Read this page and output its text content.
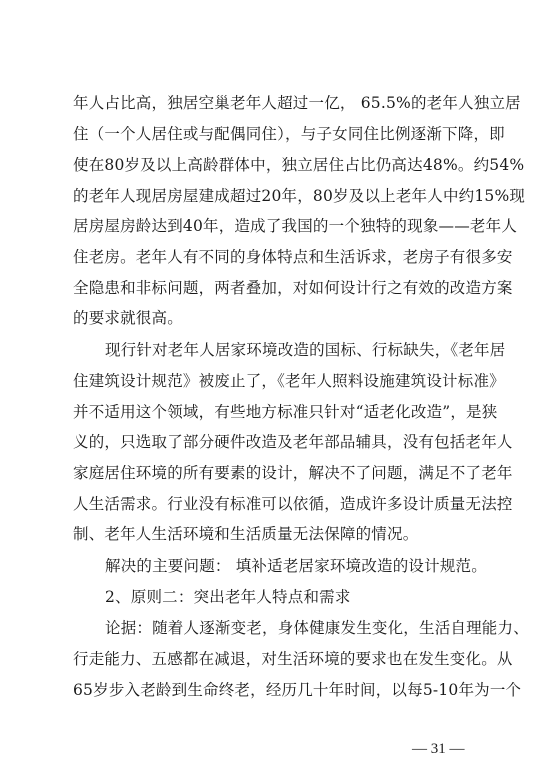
年人占比高，独居空巢老年人超过一亿， 65.5%的老年人独立居
住（一个人居住或与配偶同住），与子女同住比例逐渐下降，即
使在80岁及以上高龄群体中，独立居住占比仍高达48%。约54%
的老年人现居房屋建成超过20年，80岁及以上老年人中约15%现
居房屋房龄达到40年，造成了我国的一个独特的现象——老年人
住老房。老年人有不同的身体特点和生活诉求，老房子有很多安
全隐患和非标问题，两者叠加，对如何设计行之有效的改造方案
的要求就很高。
现行针对老年人居家环境改造的国标、行标缺失，《老年居
住建筑设计规范》被废止了，《老年人照料设施建筑设计标准》
并不适用这个领域，有些地方标准只针对“适老化改造”，是狭
义的，只选取了部分硬件改造及老年部品辅具，没有包括老年人
家庭居住环境的所有要素的设计，解决不了问题，满足不了老年
人生活需求。行业没有标准可以依循，造成许多设计质量无法控
制、老年人生活环境和生活质量无法保障的情况。
解决的主要问题： 填补适老居家环境改造的设计规范。
2、原则二：突出老年人特点和需求
论据：随着人逐渐变老，身体健康发生变化，生活自理能力、
行走能力、五感都在减退，对生活环境的要求也在发生变化。从
65岁步入老龄到生命终老，经历几十年时间，以每5-10年为一个
— 31 —
